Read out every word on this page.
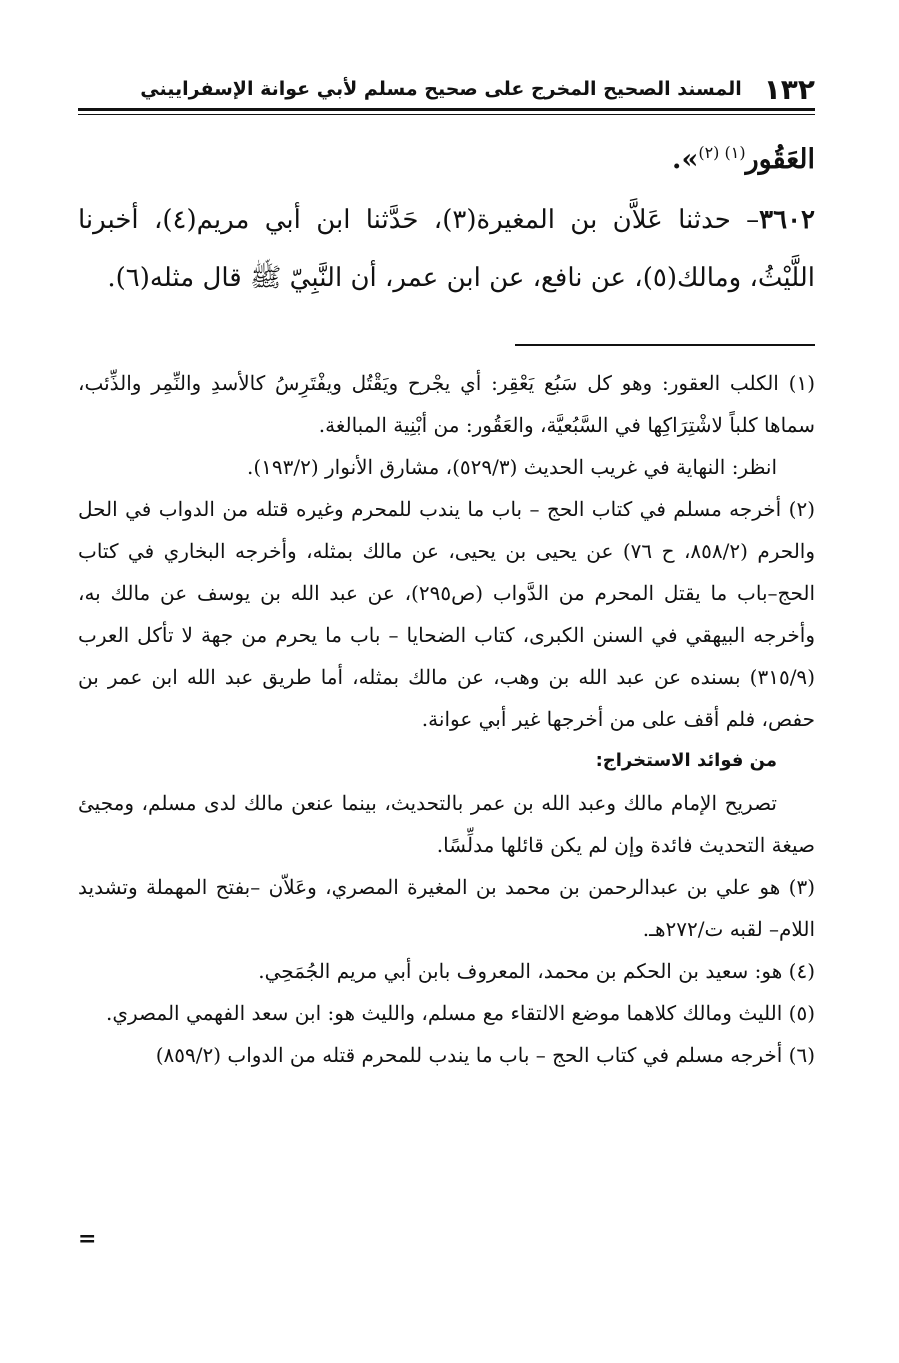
١٣٢
المسند الصحيح المخرج على صحيح مسلم لأبي عوانة الإسفراييني
العَقُور$^{(١) (٢)}$».
٣٦٠٢– حدثنا عَلاَّن بن المغيرة(٣)، حَدَّثنا ابن أبي مريم(٤)، أخبرنا اللَّيْثُ، ومالك(٥)، عن نافع، عن ابن عمر، أن النَّبِيّ ﷺ قال مثله(٦).

(١) الكلب العقور: وهو كل سَبُع يَعْقِر: أي يجْرح ويَقْتُل ويفْتَرِسُ كالأسدِ والنِّمِر والذِّئب، سماها كلباً لاشْتِرَاكِها في السَّبُعيَّة، والعَقُور: من أبْنِية المبالغة.

انظر: النهاية في غريب الحديث (٥٢٩/٣)، مشارق الأنوار (١٩٣/٢).

(٢) أخرجه مسلم في كتاب الحج – باب ما يندب للمحرم وغيره قتله من الدواب في الحل والحرم (٨٥٨/٢، ح ٧٦) عن يحيى بن يحيى، عن مالك بمثله، وأخرجه البخاري في كتاب الحج–باب ما يقتل المحرم من الدَّواب (ص٢٩٥)، عن عبد الله بن يوسف عن مالك به، وأخرجه البيهقي في السنن الكبرى، كتاب الضحايا – باب ما يحرم من جهة لا تأكل العرب (٣١٥/٩) بسنده عن عبد الله بن وهب، عن مالك بمثله، أما طريق عبد الله ابن عمر بن حفص، فلم أقف على من أخرجها غير أبي عوانة.

من فوائد الاستخراج:

تصريح الإمام مالك وعبد الله بن عمر بالتحديث، بينما عنعن مالك لدى مسلم، ومجيئ صيغة التحديث فائدة وإن لم يكن قائلها مدلِّسًا.

(٣) هو علي بن عبدالرحمن بن محمد بن المغيرة المصري، وعَلاّن –بفتح المهملة وتشديد اللام– لقبه ت/٢٧٢هـ.

(٤) هو: سعيد بن الحكم بن محمد، المعروف بابن أبي مريم الجُمَحِي.

(٥) الليث ومالك كلاهما موضع الالتقاء مع مسلم، والليث هو: ابن سعد الفهمي المصري.

(٦) أخرجه مسلم في كتاب الحج – باب ما يندب للمحرم قتله من الدواب (٨٥٩/٢)

=
